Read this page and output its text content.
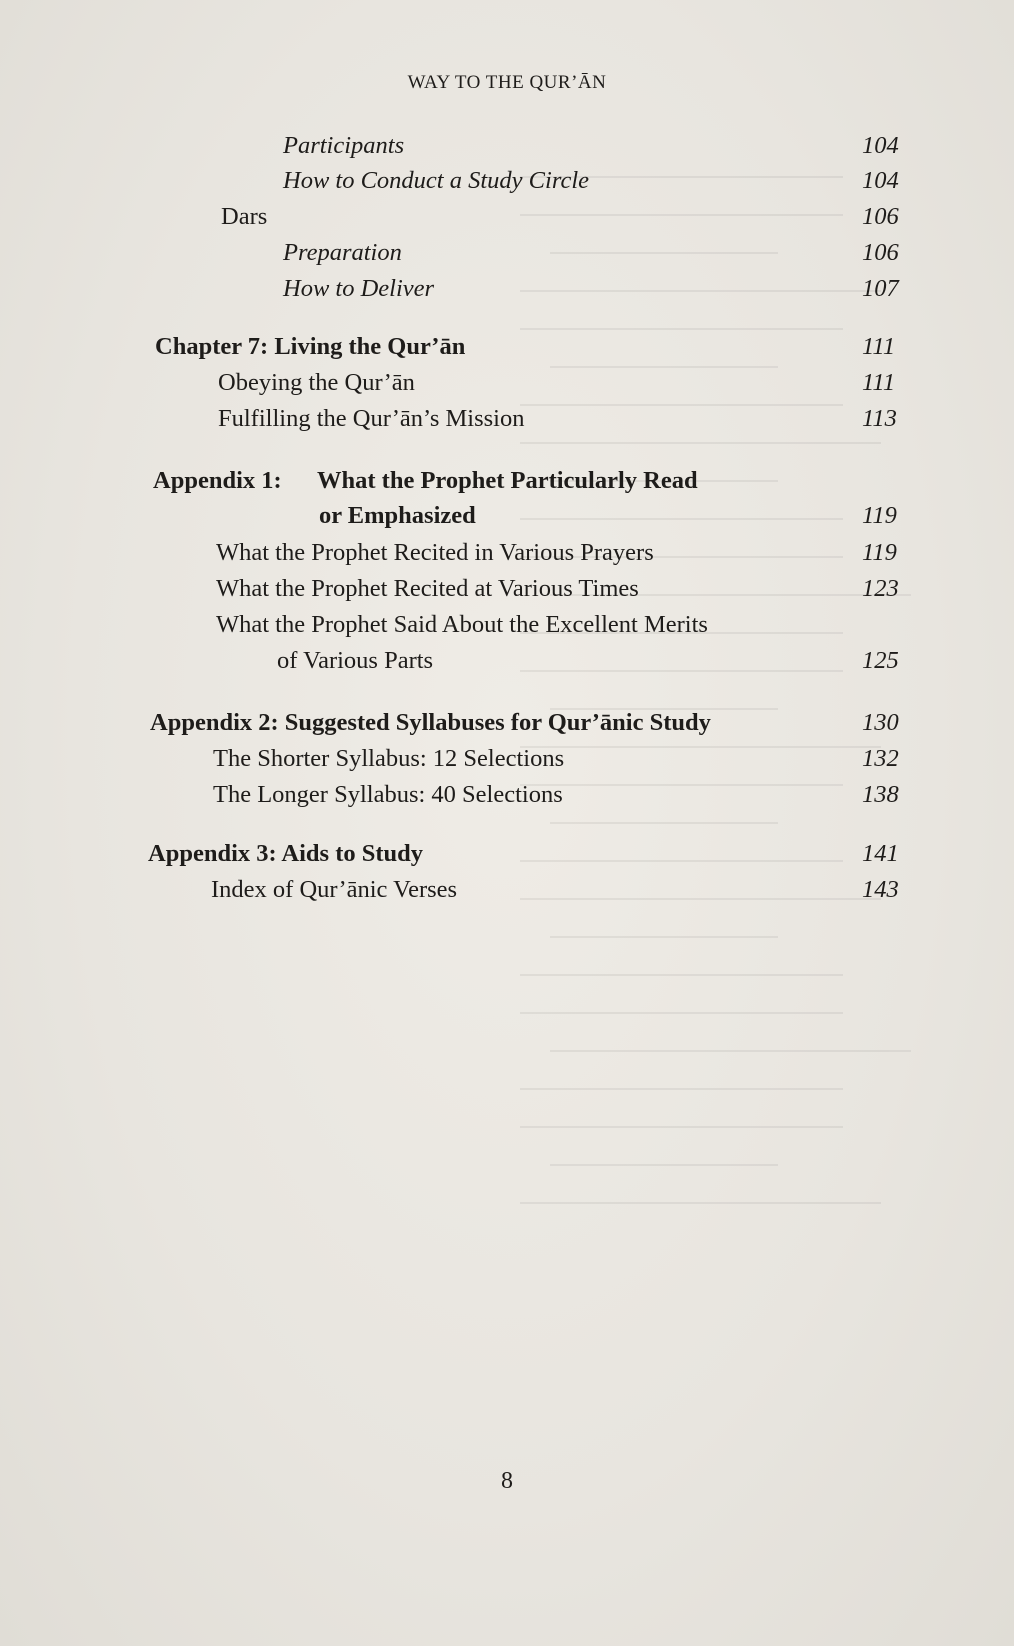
WAY TO THE QUR’ĀN
Participants	104
How to Conduct a Study Circle	104
Dars	106
Preparation	106
How to Deliver	107
Chapter 7: Living the Qur’ān	111
Obeying the Qur’ān	111
Fulfilling the Qur’ān’s Mission	113
Appendix 1: What the Prophet Particularly Read
or Emphasized	119
What the Prophet Recited in Various Prayers	119
What the Prophet Recited at Various Times	123
What the Prophet Said About the Excellent Merits
of Various Parts	125
Appendix 2: Suggested Syllabuses for Qur’ānic Study	130
The Shorter Syllabus: 12 Selections	132
The Longer Syllabus: 40 Selections	138
Appendix 3: Aids to Study	141
Index of Qur’ānic Verses	143
8
